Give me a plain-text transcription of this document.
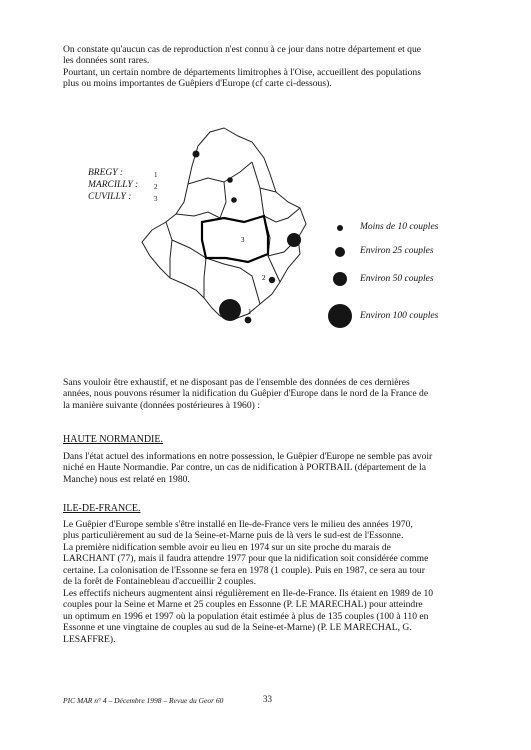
On constate qu'aucun cas de reproduction n'est connu à ce jour dans notre département et que
les données sont rares.
Pourtant, un certain nombre de départements limitrophes à l'Oise, accueillent des populations
plus ou moins importantes de Guêpiers d'Europe (cf carte ci-dessous).
3
2
1
BREGY :	1
MARCILLY : 2
CUVILLY :	3
Moins de 10 couples
Environ 25 couples
Environ 50 couples
Environ 100 couples
Sans vouloir être exhaustif, et ne disposant pas de l'ensemble des données de ces dernières
années, nous pouvons résumer la nidification du Guêpier d'Europe dans le nord de la France de
la manière suivante (données postérieures à 1960) :
HAUTE NORMANDIE.
Dans l'état actuel des informations en notre possession, le Guêpier d'Europe ne semble pas avoir
niché en Haute Normandie. Par contre, un cas de nidification à PORTBAIL (département de la
Manche) nous est relaté en 1980.
ILE-DE-FRANCE.
Le Guêpier d'Europe semble s'être installé en Ile-de-France vers le milieu des années 1970,
plus particulièrement au sud de la Seine-et-Marne puis de là vers le sud-est de l'Essonne.
La première nidification semble avoir eu lieu en 1974 sur un site proche du marais de
LARCHANT (77), mais il faudra attendre 1977 pour que la nidification soit considérée comme
certaine. La colonisation de l'Essonne se fera en 1978 (1 couple). Puis en 1987, ce sera au tour
de la forêt de Fontainebleau d'accueillir 2 couples.
Les effectifs nicheurs augmentent ainsi régulièrement en Ile-de-France. Ils étaient en 1989 de 10
couples pour la Seine et Marne et 25 couples en Essonne (P. LE MARECHAL) pour atteindre
un optimum en 1996 et 1997 où la population était estimée à plus de 135 couples (100 à 110 en
Essonne et une vingtaine de couples au sud de la Seine-et-Marne) (P. LE MARECHAL, G.
LESAFFRE).
PIC MAR n° 4 – Décembre 1998 – Revue du Geor 60	33
